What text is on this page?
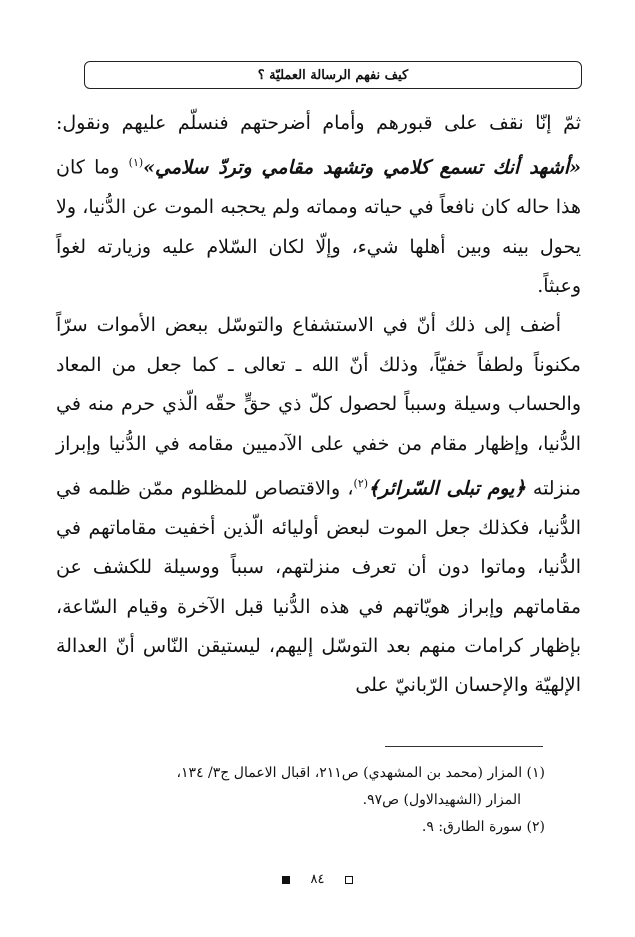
كيف نفهم الرسالة العمليّة ؟

ثمّ إنّا نقف على قبورهم وأمام أضرحتهم فنسلّم عليهم ونقول: «أشهد أنك تسمع كلامي وتشهد مقامي وتردّ سلامي»$^{(١)}$ وما كان هذا حاله كان نافعاً في حياته ومماته ولم يحجبه الموت عن الدُّنيا، ولا يحول بينه وبين أهلها شيء، وإلّا لكان السّلام عليه وزيارته لغواً وعبثاً.

أضف إلى ذلك أنّ في الاستشفاع والتوسّل ببعض الأموات سرّاً مكنوناً ولطفاً خفيّاً، وذلك أنّ الله ـ تعالى ـ كما جعل من المعاد والحساب وسيلة وسبباً لحصول كلّ ذي حقٍّ حقّه الّذي حرم منه في الدُّنيا، وإظهار مقام من خفي على الآدميين مقامه في الدُّنيا وإبراز منزلته ﴿يوم تبلى السّرائر﴾$^{(٢)}$، والاقتصاص للمظلوم ممّن ظلمه في الدُّنيا، فكذلك جعل الموت لبعض أوليائه الّذين أخفيت مقاماتهم في الدُّنيا، وماتوا دون أن تعرف منزلتهم، سبباً ووسيلة للكشف عن مقاماتهم وإبراز هويّاتهم في هذه الدُّنيا قبل الآخرة وقيام السّاعة، بإظهار كرامات منهم بعد التوسّل إليهم، ليستيقن النّاس أنّ العدالة الإلهيّة والإحسان الرّبانيّ على

(١) المزار (محمد بن المشهدي) ص٢١١، اقبال الاعمال ج٣/ ١٣٤،

المزار (الشهيدالاول) ص٩٧.

(٢) سورة الطارق: ٩.

٨٤
